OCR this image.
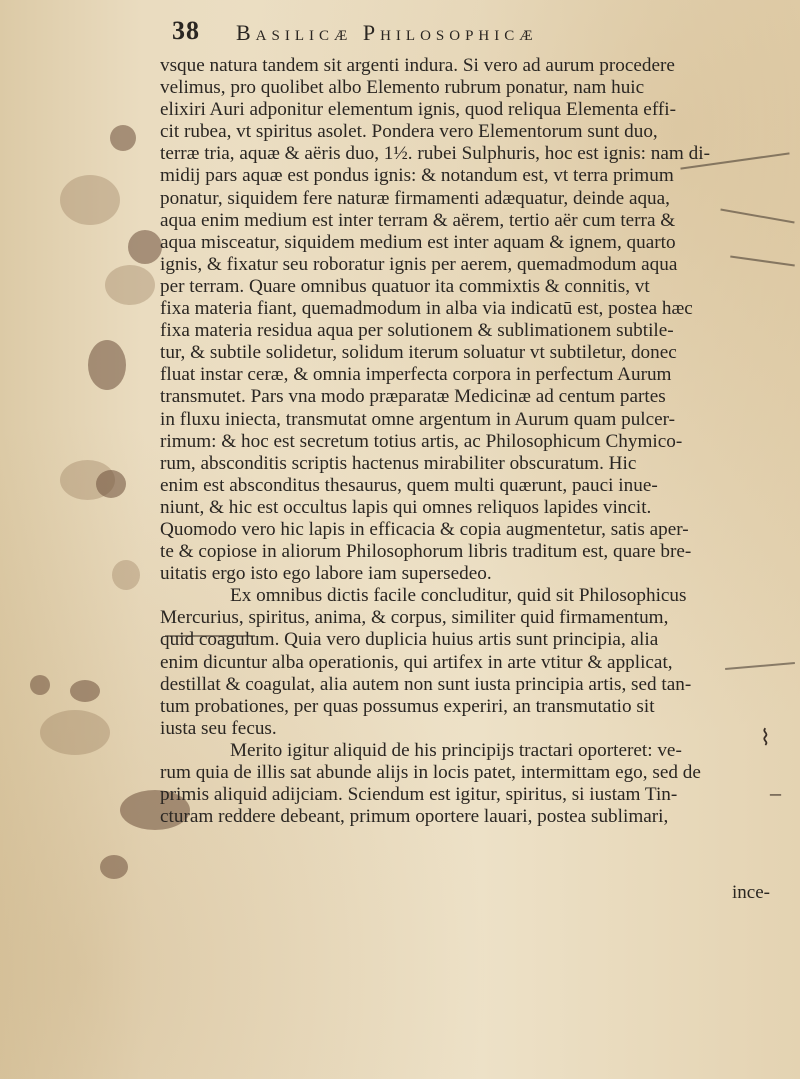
⌇
‒
38 Basilicæ Philosophicæ
vsque natura tandem sit argenti indura. Si vero ad aurum procedere
velimus, pro quolibet albo Elemento rubrum ponatur, nam huic
elixiri Auri adponitur elementum ignis, quod reliqua Elementa effi-
cit rubea, vt spiritus asolet. Pondera vero Elementorum sunt duo,
terræ tria, aquæ & aëris duo, 1½. rubei Sulphuris, hoc est ignis: nam di-
midij pars aquæ est pondus ignis: & notandum est, vt terra primum
ponatur, siquidem fere naturæ firmamenti adæquatur, deinde aqua,
aqua enim medium est inter terram & aërem, tertio aër cum terra &
aqua misceatur, siquidem medium est inter aquam & ignem, quarto
ignis, & fixatur seu roboratur ignis per aerem, quemadmodum aqua
per terram. Quare omnibus quatuor ita commixtis & connitis, vt
fixa materia fiant, quemadmodum in alba via indicatū est, postea hæc
fixa materia residua aqua per solutionem & sublimationem subtile-
tur, & subtile solidetur, solidum iterum soluatur vt subtiletur, donec
fluat instar ceræ, & omnia imperfecta corpora in perfectum Aurum
transmutet. Pars vna modo præparatæ Medicinæ ad centum partes
in fluxu iniecta, transmutat omne argentum in Aurum quam pulcer-
rimum: & hoc est secretum totius artis, ac Philosophicum Chymico-
rum, absconditis scriptis hactenus mirabiliter obscuratum. Hic
enim est absconditus thesaurus, quem multi quærunt, pauci inue-
niunt, & hic est occultus lapis qui omnes reliquos lapides vincit.
Quomodo vero hic lapis in efficacia & copia augmentetur, satis aper-
te & copiose in aliorum Philosophorum libris traditum est, quare bre-
uitatis ergo isto ego labore iam supersedeo.
Ex omnibus dictis facile concluditur, quid sit Philosophicus
Mercurius, spiritus, anima, & corpus, similiter quid firmamentum,
quid coagulum. Quia vero duplicia huius artis sunt principia, alia
enim dicuntur alba operationis, qui artifex in arte vtitur & applicat,
destillat & coagulat, alia autem non sunt iusta principia artis, sed tan-
tum probationes, per quas possumus experiri, an transmutatio sit
iusta seu fecus.
Merito igitur aliquid de his principijs tractari oporteret: ve-
rum quia de illis sat abunde alijs in locis patet, intermittam ego, sed de
primis aliquid adijciam. Sciendum est igitur, spiritus, si iustam Tin-
cturam reddere debeant, primum oportere lauari, postea sublimari,
ince-
